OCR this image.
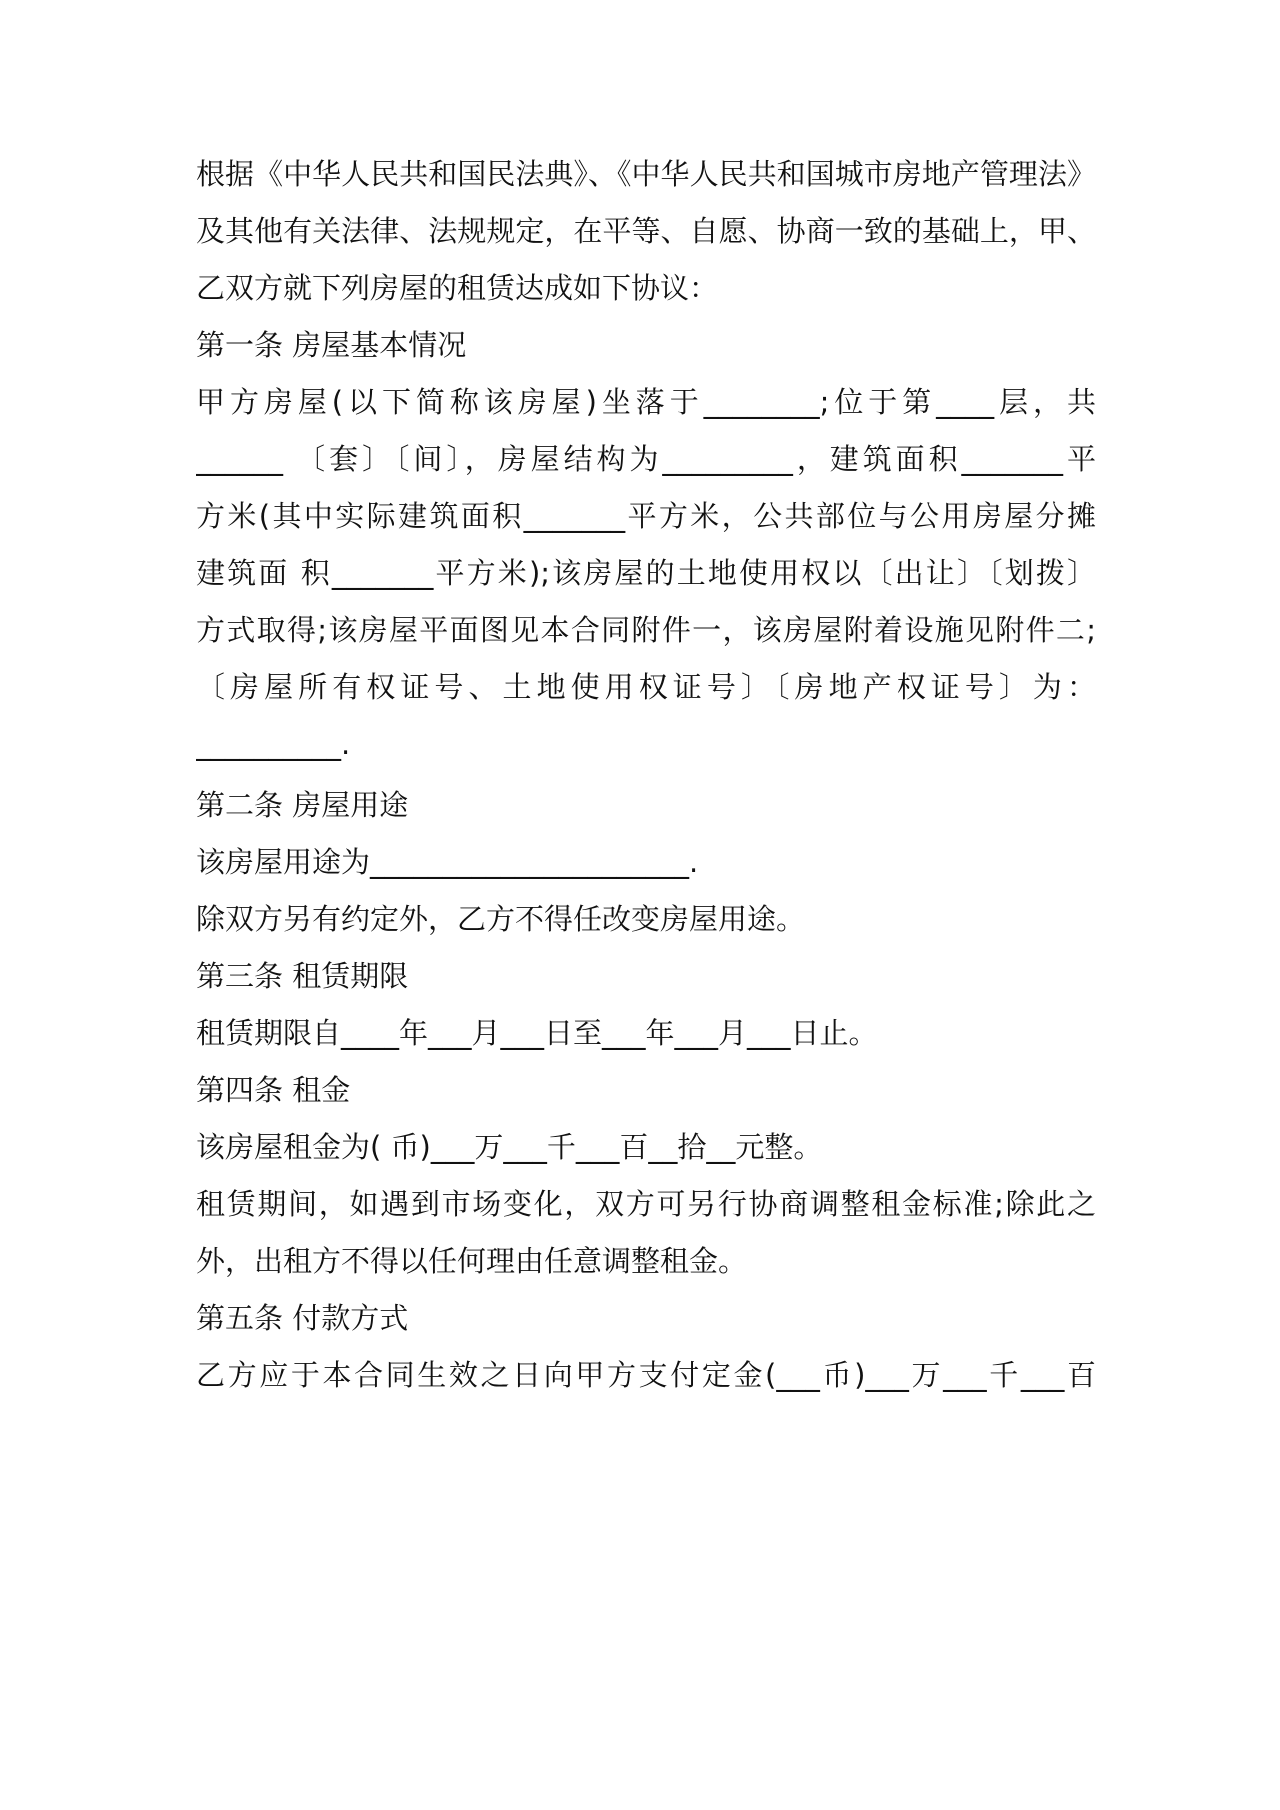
根据《中华人民共和国民法典》、《中华人民共和国城市房地产管理法》
及其他有关法律、法规规定，在平等、自愿、协商一致的基础上，甲、
乙双方就下列房屋的租赁达成如下协议：
第一条 房屋基本情况
甲方房屋(以下简称该房屋)坐落于________;位于第____层，共
______ 〔套〕〔间〕，房屋结构为_________，建筑面积_______平
方米(其中实际建筑面积_______平方米，公共部位与公用房屋分摊
建筑面 积_______平方米);该房屋的土地使用权以〔出让〕〔划拨〕
方式取得;该房屋平面图见本合同附件一，该房屋附着设施见附件二;
〔房屋所有权证号、土地使用权证号〕〔房地产权证号〕为：
__________.
第二条 房屋用途
该房屋用途为______________________.
除双方另有约定外，乙方不得任改变房屋用途。
第三条 租赁期限
租赁期限自____年___月___日至___年___月___日止。
第四条 租金
该房屋租金为( 币)___万___千___百__拾__元整。
租赁期间，如遇到市场变化，双方可另行协商调整租金标准;除此之
外，出租方不得以任何理由任意调整租金。
第五条 付款方式
乙方应于本合同生效之日向甲方支付定金(___币)___万___千___百
